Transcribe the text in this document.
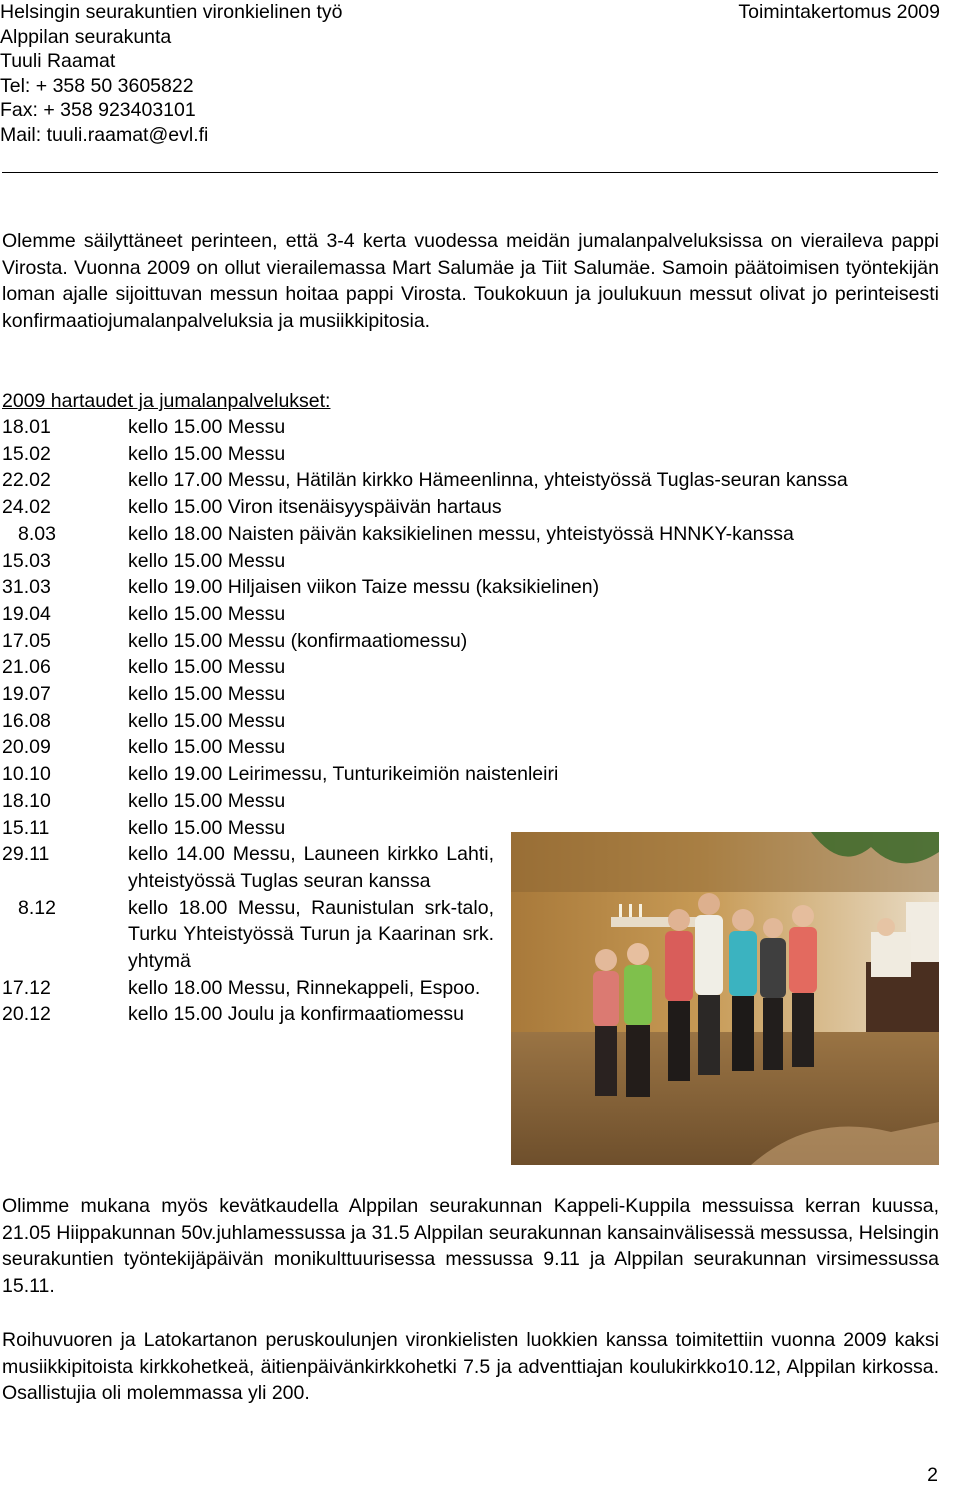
Helsingin seurakuntien vironkielinen työ	Toimintakertomus 2009
Alppilan seurakunta
Tuuli Raamat
Tel: + 358 50 3605822
Fax: + 358 923403101
Mail: tuuli.raamat@evl.fi

Olemme säilyttäneet perinteen, että 3-4 kerta vuodessa meidän jumalanpalveluksissa on vieraileva pappi Virosta. Vuonna 2009 on ollut vierailemassa Mart Salumäe ja Tiit Salumäe. Samoin päätoimisen työntekijän loman ajalle sijoittuvan messun hoitaa pappi Virosta. Toukokuun ja joulukuun messut olivat jo perinteisesti konfirmaatiojumalanpalveluksia ja musiikkipitosia.

2009 hartaudet ja jumalanpalvelukset:
18.01	kello 15.00 Messu
15.02	kello 15.00 Messu
22.02	kello 17.00 Messu, Hätilän kirkko Hämeenlinna, yhteistyössä Tuglas-seuran kanssa
24.02	kello 15.00 Viron itsenäisyyspäivän hartaus
8.03	kello 18.00 Naisten päivän kaksikielinen messu, yhteistyössä HNNKY-kanssa
15.03	kello 15.00 Messu
31.03	kello 19.00 Hiljaisen viikon Taize messu (kaksikielinen)
19.04	kello 15.00 Messu
17.05	kello 15.00 Messu (konfirmaatiomessu)
21.06	kello 15.00 Messu
19.07	kello 15.00 Messu
16.08	kello 15.00 Messu
20.09	kello 15.00 Messu
10.10	kello 19.00 Leirimessu, Tunturikeimiön naistenleiri
18.10	kello 15.00 Messu
15.11	kello 15.00 Messu
29.11	kello 14.00 Messu, Launeen kirkko Lahti, yhteistyössä Tuglas seuran kanssa
8.12	kello 18.00 Messu, Raunistulan srk-talo, Turku Yhteistyössä Turun ja Kaarinan srk. yhtymä
17.12	kello 18.00 Messu, Rinnekappeli, Espoo.
20.12	kello 15.00 Joulu ja konfirmaatiomessu

Olimme mukana myös kevätkaudella Alppilan seurakunnan Kappeli-Kuppila messuissa kerran kuussa, 21.05 Hiippakunnan 50v.juhlamessussa ja 31.5 Alppilan seurakunnan kansainvälisessä messussa, Helsingin seurakuntien työntekijäpäivän monikulttuurisessa messussa 9.11 ja Alppilan seurakunnan virsimessussa 15.11.

Roihuvuoren ja Latokartanon peruskoulunjen vironkielisten luokkien kanssa toimitettiin vuonna 2009 kaksi musiikkipitoista kirkkohetkeä, äitienpäivänkirkkohetki 7.5 ja adventtiajan koulukirkko10.12, Alppilan kirkossa. Osallistujia oli molemmassa yli 200.

2
